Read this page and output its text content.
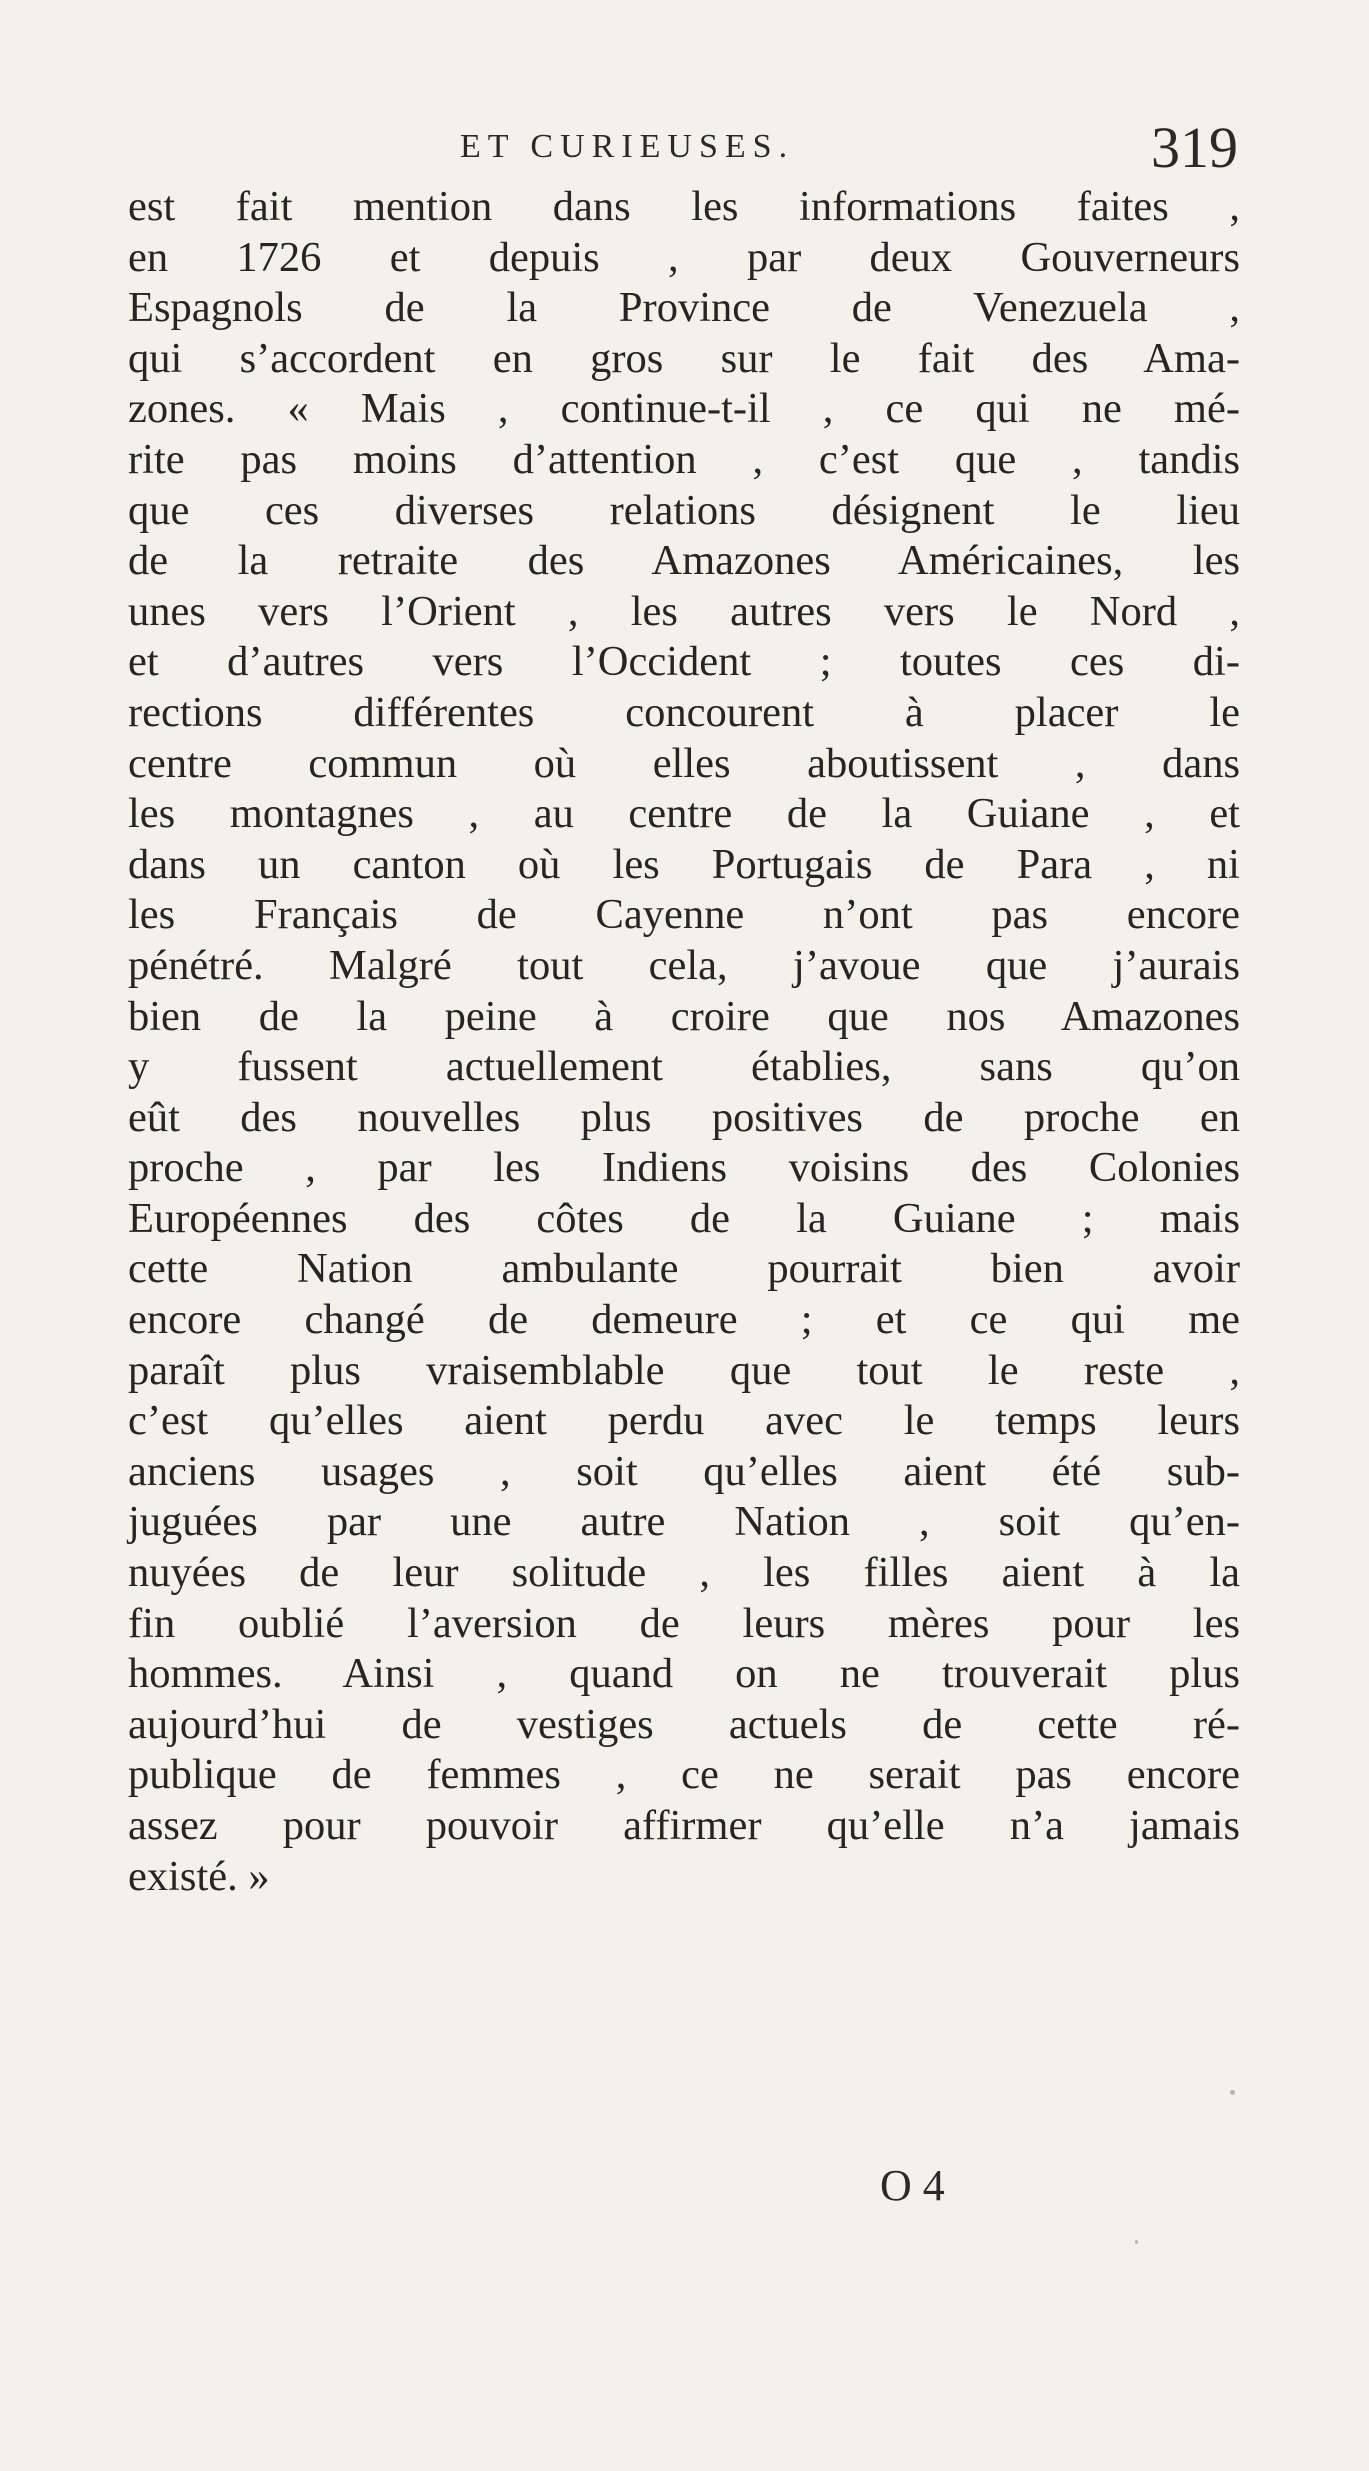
ET CURIEUSES.	319
est fait mention dans les informations faites ,
en 1726 et depuis , par deux Gouverneurs
Espagnols de la Province de Venezuela ,
qui s’accordent en gros sur le fait des Ama-
zones. « Mais , continue-t-il , ce qui ne mé-
rite pas moins d’attention , c’est que , tandis
que ces diverses relations désignent le lieu
de la retraite des Amazones Américaines, les
unes vers l’Orient , les autres vers le Nord ,
et d’autres vers l’Occident ; toutes ces di-
rections différentes concourent à placer le
centre commun où elles aboutissent , dans
les montagnes , au centre de la Guiane , et
dans un canton où les Portugais de Para , ni
les Français de Cayenne n’ont pas encore
pénétré. Malgré tout cela, j’avoue que j’aurais
bien de la peine à croire que nos Amazones
y fussent actuellement établies, sans qu’on
eût des nouvelles plus positives de proche en
proche , par les Indiens voisins des Colonies
Européennes des côtes de la Guiane ; mais
cette Nation ambulante pourrait bien avoir
encore changé de demeure ; et ce qui me
paraît plus vraisemblable que tout le reste ,
c’est qu’elles aient perdu avec le temps leurs
anciens usages , soit qu’elles aient été sub-
juguées par une autre Nation , soit qu’en-
nuyées de leur solitude , les filles aient à la
fin oublié l’aversion de leurs mères pour les
hommes. Ainsi , quand on ne trouverait plus
aujourd’hui de vestiges actuels de cette ré-
publique de femmes , ce ne serait pas encore
assez pour pouvoir affirmer qu’elle n’a jamais
existé. »
O 4
